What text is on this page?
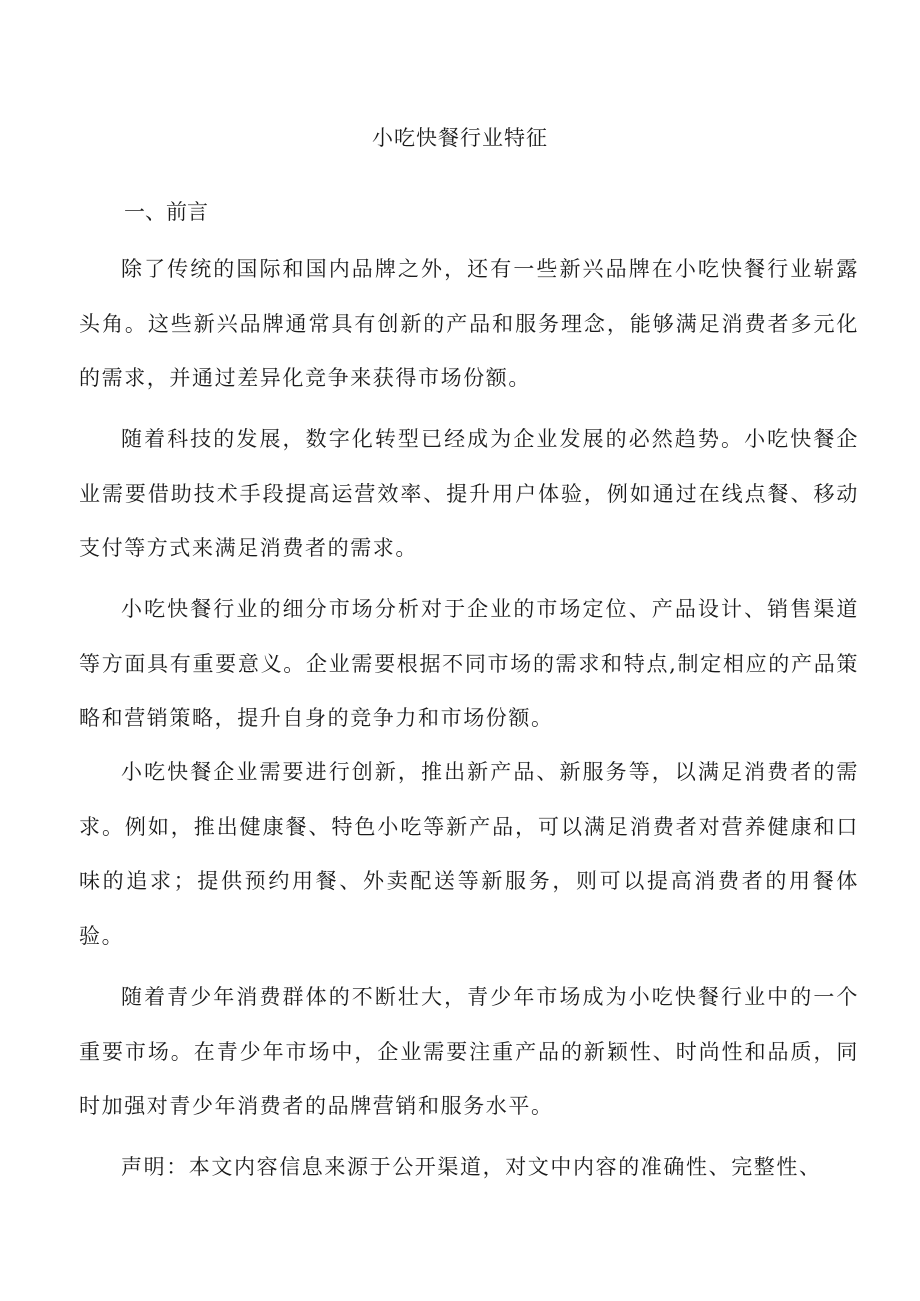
小吃快餐行业特征
一、前言

除了传统的国际和国内品牌之外，还有一些新兴品牌在小吃快餐行业崭露头角。这些新兴品牌通常具有创新的产品和服务理念，能够满足消费者多元化的需求，并通过差异化竞争来获得市场份额。

随着科技的发展，数字化转型已经成为企业发展的必然趋势。小吃快餐企业需要借助技术手段提高运营效率、提升用户体验，例如通过在线点餐、移动支付等方式来满足消费者的需求。

小吃快餐行业的细分市场分析对于企业的市场定位、产品设计、销售渠道等方面具有重要意义。企业需要根据不同市场的需求和特点,制定相应的产品策略和营销策略，提升自身的竞争力和市场份额。

小吃快餐企业需要进行创新，推出新产品、新服务等，以满足消费者的需求。例如，推出健康餐、特色小吃等新产品，可以满足消费者对营养健康和口味的追求；提供预约用餐、外卖配送等新服务，则可以提高消费者的用餐体验。

随着青少年消费群体的不断壮大，青少年市场成为小吃快餐行业中的一个重要市场。在青少年市场中，企业需要注重产品的新颖性、时尚性和品质，同时加强对青少年消费者的品牌营销和服务水平。

声明：本文内容信息来源于公开渠道，对文中内容的准确性、完整性、
